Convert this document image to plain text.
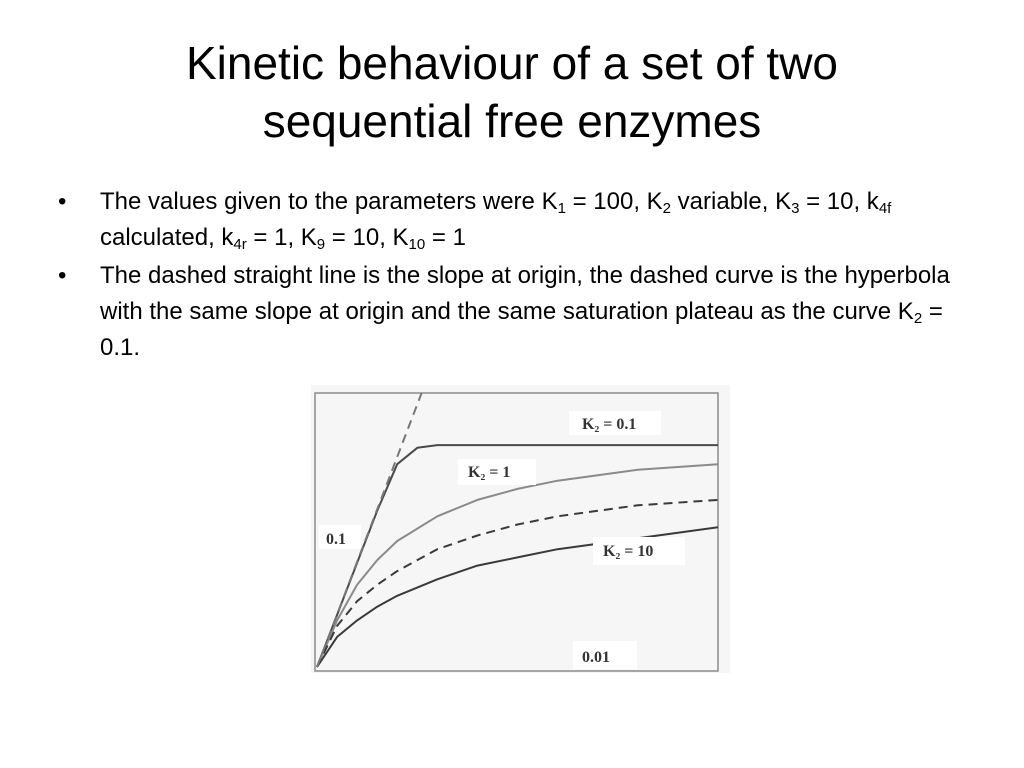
Kinetic behaviour of a set of two
sequential free enzymes
• The values given to the parameters were $K_1 = 100$, $K_2$ variable, $K_3 = 10$, $k_{4f}$ calculated, $k_{4r} = 1$, $K_9 = 10$, $K_{10} = 1$
• The dashed straight line is the slope at origin, the dashed curve is the hyperbola with the same slope at origin and the same saturation plateau as the curve $K_2 = 0.1$.
K₂ = 0.1
K₂ = 1
K₂ = 10
0.1
0.01
